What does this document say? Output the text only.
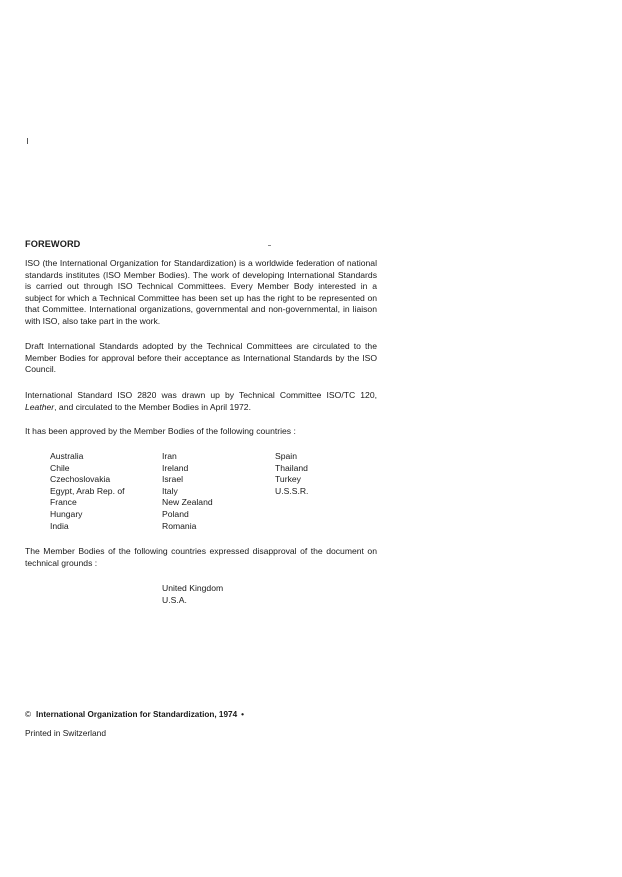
FOREWORD
ISO (the International Organization for Standardization) is a worldwide federation of national standards institutes (ISO Member Bodies). The work of developing International Standards is carried out through ISO Technical Committees. Every Member Body interested in a subject for which a Technical Committee has been set up has the right to be represented on that Committee. International organizations, governmental and non-governmental, in liaison with ISO, also take part in the work.
Draft International Standards adopted by the Technical Committees are circulated to the Member Bodies for approval before their acceptance as International Standards by the ISO Council.
International Standard ISO 2820 was drawn up by Technical Committee ISO/TC 120, Leather, and circulated to the Member Bodies in April 1972.
It has been approved by the Member Bodies of the following countries :
Australia
Chile
Czechoslovakia
Egypt, Arab Rep. of
France
Hungary
India
Iran
Ireland
Israel
Italy
New Zealand
Poland
Romania
Spain
Thailand
Turkey
U.S.S.R.
The Member Bodies of the following countries expressed disapproval of the document on technical grounds :
United Kingdom
U.S.A.
© International Organization for Standardization, 1974 •
Printed in Switzerland
